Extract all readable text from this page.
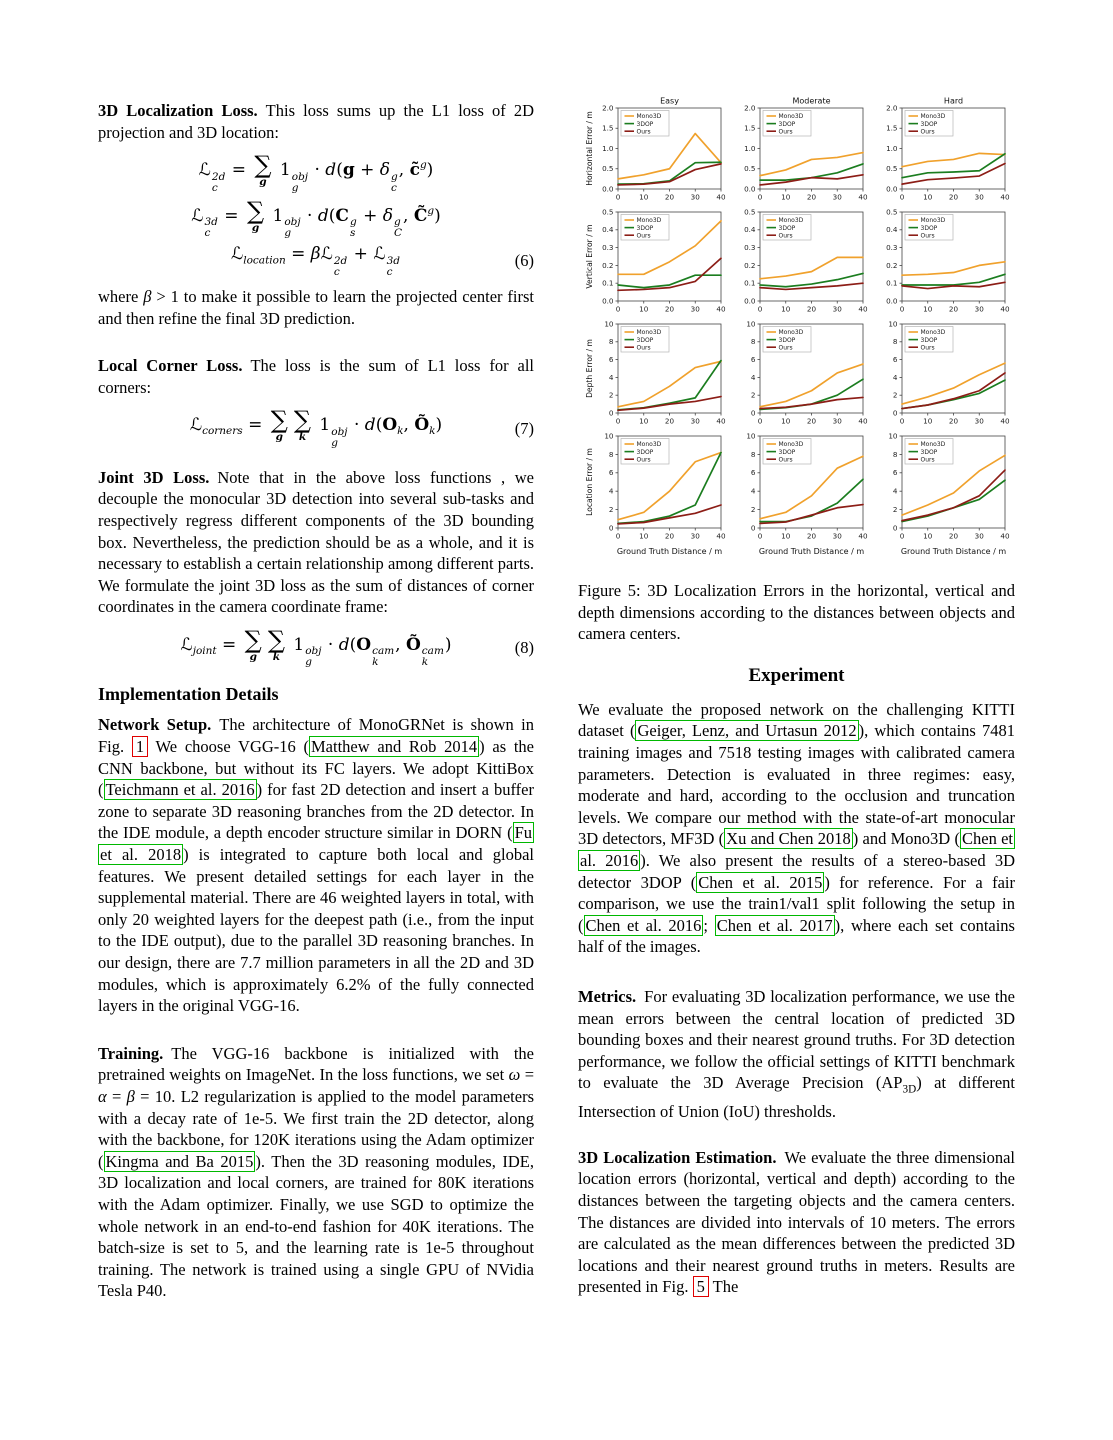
3D Localization Loss. This loss sums up the L1 loss of 2D projection and 3D location:

ℒ 2d
c
= ∑
g
1 obj
g
· d(g + δ g
c
, c̃$^g$)
ℒ 3d
c
= ∑
g
1 obj
g
· d(C g
s
+ δ g
C
, C̃$^g$)
ℒ$_{location}$ = βℒ 2d
c
+ ℒ 3d
c
(6)

where β > 1 to make it possible to learn the projected center first and then refine the final 3D prediction.

Local Corner Loss. The loss is the sum of L1 loss for all corners:

ℒ$_{corners}$ = ∑
g
∑
k
1 obj
g
· $d(O_k$, $Õ_k$)	(7)

Joint 3D Loss. Note that in the above loss functions , we decouple the monocular 3D detection into several sub-tasks and respectively regress different components of the 3D bounding box. Nevertheless, the prediction should be as a whole, and it is necessary to establish a certain relationship among different parts. We formulate the joint 3D loss as the sum of distances of corner coordinates in the camera coordinate frame:

ℒ$_{joint}$ = ∑
g
∑
k
1 obj
g
· d(O cam
k
, Õ cam
k
)	(8)
Implementation Details

Network Setup. The architecture of MonoGRNet is shown in Fig. 1 We choose VGG-16 ( Matthew and Rob 2014 ) as the CNN backbone, but without its FC layers. We adopt KittiBox ( Teichmann et al. 2016 ) for fast 2D detection and insert a buffer zone to separate 3D reasoning branches from the 2D detector. In the IDE module, a depth encoder structure similar in DORN ( Fu et al. 2018 ) is integrated to capture both local and global features. We present detailed settings for each layer in the supplemental material. There are 46 weighted layers in total, with only 20 weighted layers for the deepest path (i.e., from the input to the IDE output), due to the parallel 3D reasoning branches. In our design, there are 7.7 million parameters in all the 2D and 3D modules, which is approximately 6.2% of the fully connected layers in the original VGG-16.

Training. The VGG-16 backbone is initialized with the pretrained weights on ImageNet. In the loss functions, we set ω = α = β = 10. L2 regularization is applied to the model parameters with a decay rate of 1e-5. We first train the 2D detector, along with the backbone, for 120K iterations using the Adam optimizer ( Kingma and Ba 2015 ). Then the 3D reasoning modules, IDE, 3D localization and local corners, are trained for 80K iterations with the Adam optimizer. Finally, we use SGD to optimize the whole network in an end-to-end fashion for 40K iterations. The batch-size is set to 5, and the learning rate is 1e-5 throughout training. The network is trained using a single GPU of NVidia Tesla P40.

0	10 20 30 40
0.0
0.5
1.0
1.5
2.0
Mono3D
3DOP
Ours
Easy
Horizontal Error / m
0	10 20 30 40
0.0
0.5
1.0
1.5
2.0
Mono3D
3DOP
Ours
Moderate
0	10 20 30 40
0.0
0.5
1.0
1.5
2.0
Mono3D
3DOP
Ours
Hard
0	10 20 30 40
0.0
0.1
0.2
0.3
0.4
0.5
Mono3D
3DOP
Ours
Vertical Error / m
0	10 20 30 40
0.0
0.1
0.2
0.3
0.4
0.5
Mono3D
3DOP
Ours
0	10 20 30 40
0.0
0.1
0.2
0.3
0.4
0.5
Mono3D
3DOP
Ours
0	10 20 30 40
0
2
4
6
8
10
Mono3D
3DOP
Ours
Depth Error / m
0	10 20 30 40
0
2
4
6
8
10
Mono3D
3DOP
Ours
0	10 20 30 40
0
2
4
6
8
10
Mono3D
3DOP
Ours
0	10 20 30 40
0
2
4
6
8
10
Mono3D
3DOP
Ours
Location Error / m
Ground Truth Distance / m
0	10 20 30 40
0
2
4
6
8
10
Mono3D
3DOP
Ours
Ground Truth Distance / m
0	10 20 30 40
0
2
4
6
8
10
Mono3D
3DOP
Ours
Ground Truth Distance / m

Figure 5: 3D Localization Errors in the horizontal, vertical and depth dimensions according to the distances between objects and camera centers.

Experiment

We evaluate the proposed network on the challenging KITTI dataset ( Geiger, Lenz, and Urtasun 2012 ), which contains 7481 training images and 7518 testing images with calibrated camera parameters. Detection is evaluated in three regimes: easy, moderate and hard, according to the occlusion and truncation levels. We compare our method with the state-of-art monocular 3D detectors, MF3D ( Xu and Chen 2018 ) and Mono3D ( Chen et al. 2016 ). We also present the results of a stereo-based 3D detector 3DOP ( Chen et al. 2015 ) for reference. For a fair comparison, we use the train1/val1 split following the setup in ( Chen et al. 2016 ; Chen et al. 2017 ), where each set contains half of the images.

Metrics. For evaluating 3D localization performance, we use the mean errors between the central location of predicted 3D bounding boxes and their nearest ground truths. For 3D detection performance, we follow the official settings of KITTI benchmark to evaluate the 3D Average Precision $(AP_{3D})$ at different Intersection of Union (IoU) thresholds.

3D Localization Estimation. We evaluate the three dimensional location errors (horizontal, vertical and depth) according to the distances between the targeting objects and the camera centers. The distances are divided into intervals of 10 meters. The errors are calculated as the mean differences between the predicted 3D locations and their nearest ground truths in meters. Results are presented in Fig. 5 The
